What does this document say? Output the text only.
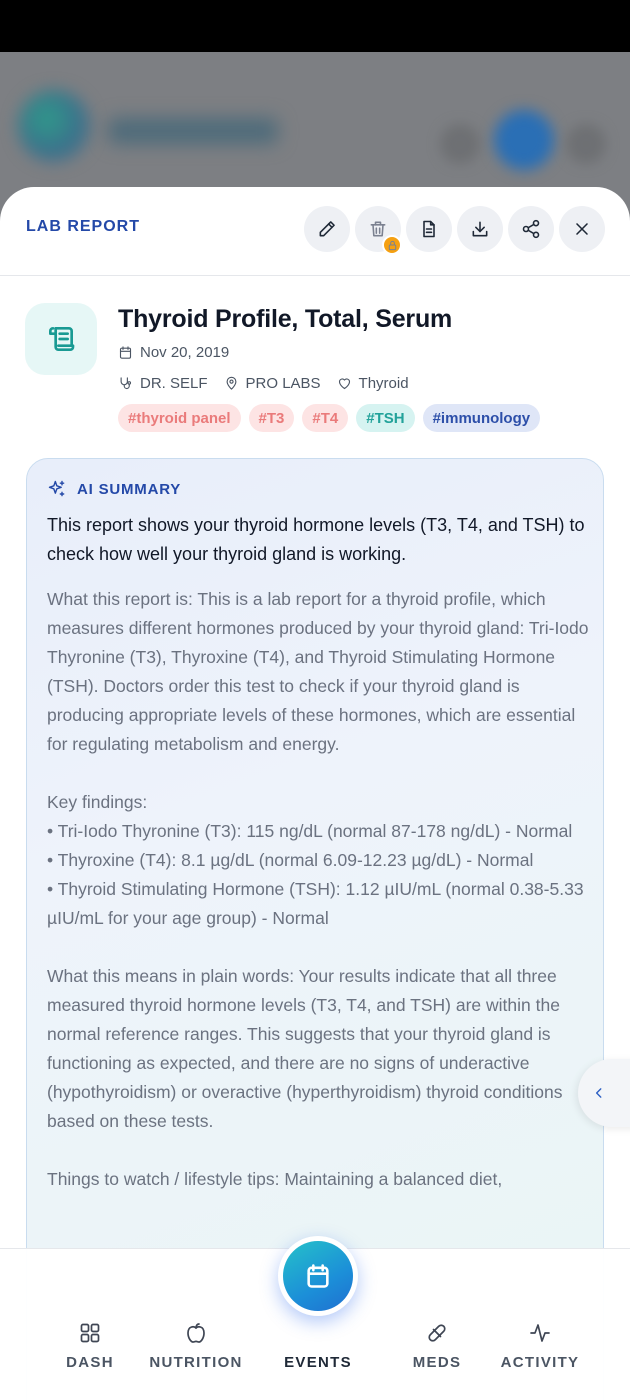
LAB REPORT
Thyroid Profile, Total, Serum
Nov 20, 2019
DR. SELF	PRO LABS	Thyroid
#thyroid panel	#T3	#T4	#TSH	#immunology
AI SUMMARY
This report shows your thyroid hormone levels (T3, T4, and TSH) to check how well your thyroid gland is working.
What this report is: This is a lab report for a thyroid profile, which measures different hormones produced by your thyroid gland: Tri-Iodo Thyronine (T3), Thyroxine (T4), and Thyroid Stimulating Hormone (TSH). Doctors order this test to check if your thyroid gland is producing appropriate levels of these hormones, which are essential for regulating metabolism and energy.

Key findings:
• Tri-Iodo Thyronine (T3): 115 ng/dL (normal 87-178 ng/dL) - Normal
• Thyroxine (T4): 8.1 µg/dL (normal 6.09-12.23 µg/dL) - Normal
• Thyroid Stimulating Hormone (TSH): 1.12 µIU/mL (normal 0.38-5.33 µIU/mL for your age group) - Normal

What this means in plain words: Your results indicate that all three measured thyroid hormone levels (T3, T4, and TSH) are within the normal reference ranges. This suggests that your thyroid gland is functioning as expected, and there are no signs of underactive (hypothyroidism) or overactive (hyperthyroidism) thyroid conditions based on these tests.

Things to watch / lifestyle tips: Maintaining a balanced diet,
DASH NUTRITION	EVENTS	MEDS	ACTIVITY
